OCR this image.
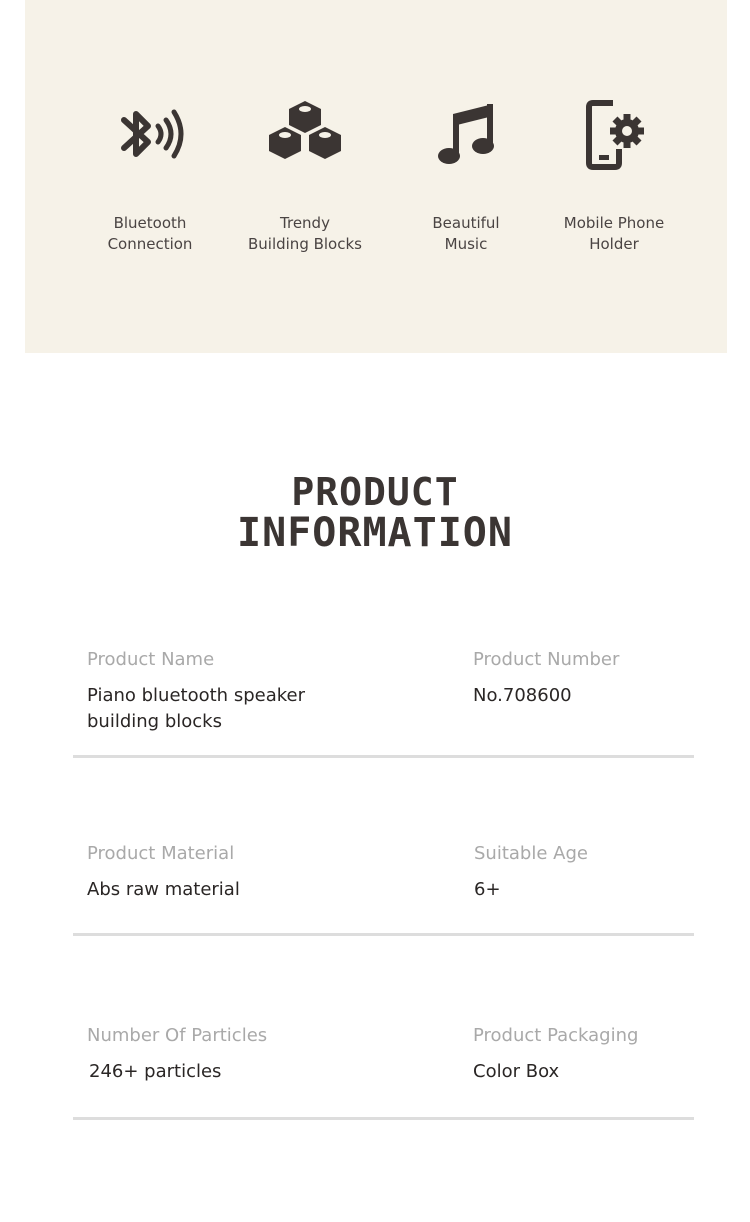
Bluetooth
Connection
Trendy
Building Blocks
Beautiful
Music
Mobile Phone
Holder
PRODUCT
INFORMATION
Product Name
Piano bluetooth speaker
building blocks
Product Number
No.708600
Product Material
Abs raw material
Suitable Age
6+
Number Of Particles
246+ particles
Product Packaging
Color Box
